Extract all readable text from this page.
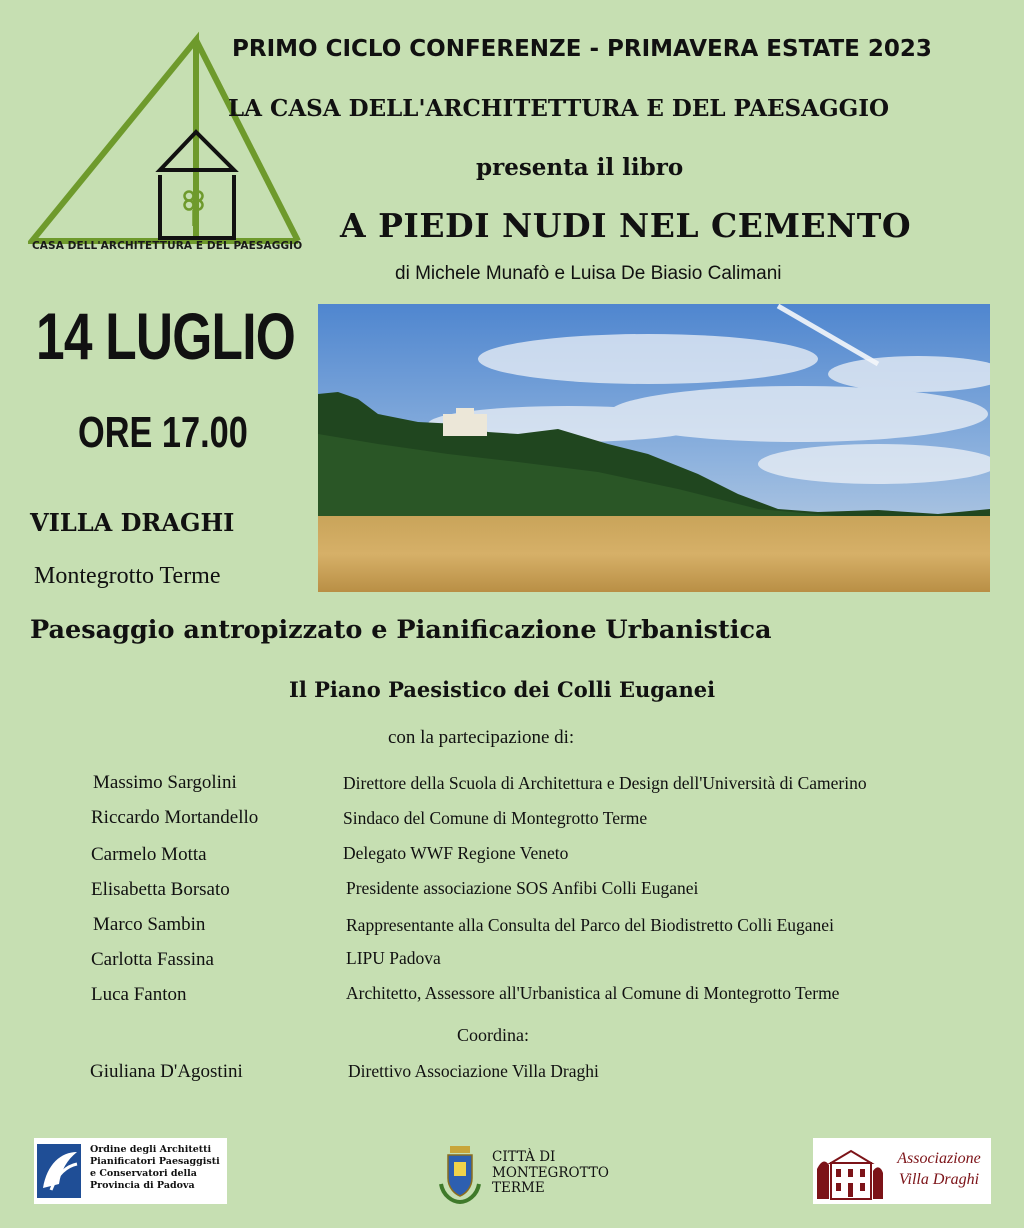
CASA DELL'ARCHITETTURA E DEL PAESAGGIO
PRIMO CICLO CONFERENZE - PRIMAVERA ESTATE 2023
LA CASA DELL'ARCHITETTURA E DEL PAESAGGIO
presenta il libro
A PIEDI NUDI NEL CEMENTO
di Michele Munafò e Luisa De Biasio Calimani
14 LUGLIO
ORE 17.00
VILLA DRAGHI
Montegrotto Terme
Paesaggio antropizzato e Pianificazione Urbanistica
Il Piano Paesistico dei Colli Euganei
con la partecipazione di:
Massimo Sargolini	Direttore della Scuola di Architettura e Design dell'Università di Camerino
Riccardo Mortandello	Sindaco del Comune di Montegrotto Terme
Carmelo Motta	Delegato WWF Regione Veneto
Elisabetta Borsato	Presidente associazione SOS Anfibi Colli Euganei
Marco Sambin	Rappresentante alla Consulta del Parco del Biodistretto Colli Euganei
Carlotta Fassina	LIPU Padova
Luca Fanton	Architetto, Assessore all'Urbanistica al Comune di Montegrotto Terme
Coordina:
Giuliana D'Agostini	Direttivo Associazione Villa Draghi
Ordine degli Architetti Pianificatori Paesaggisti e Conservatori della Provincia di Padova
CITTÀ DI
MONTEGROTTO
TERME
Associazione
Villa Draghi
